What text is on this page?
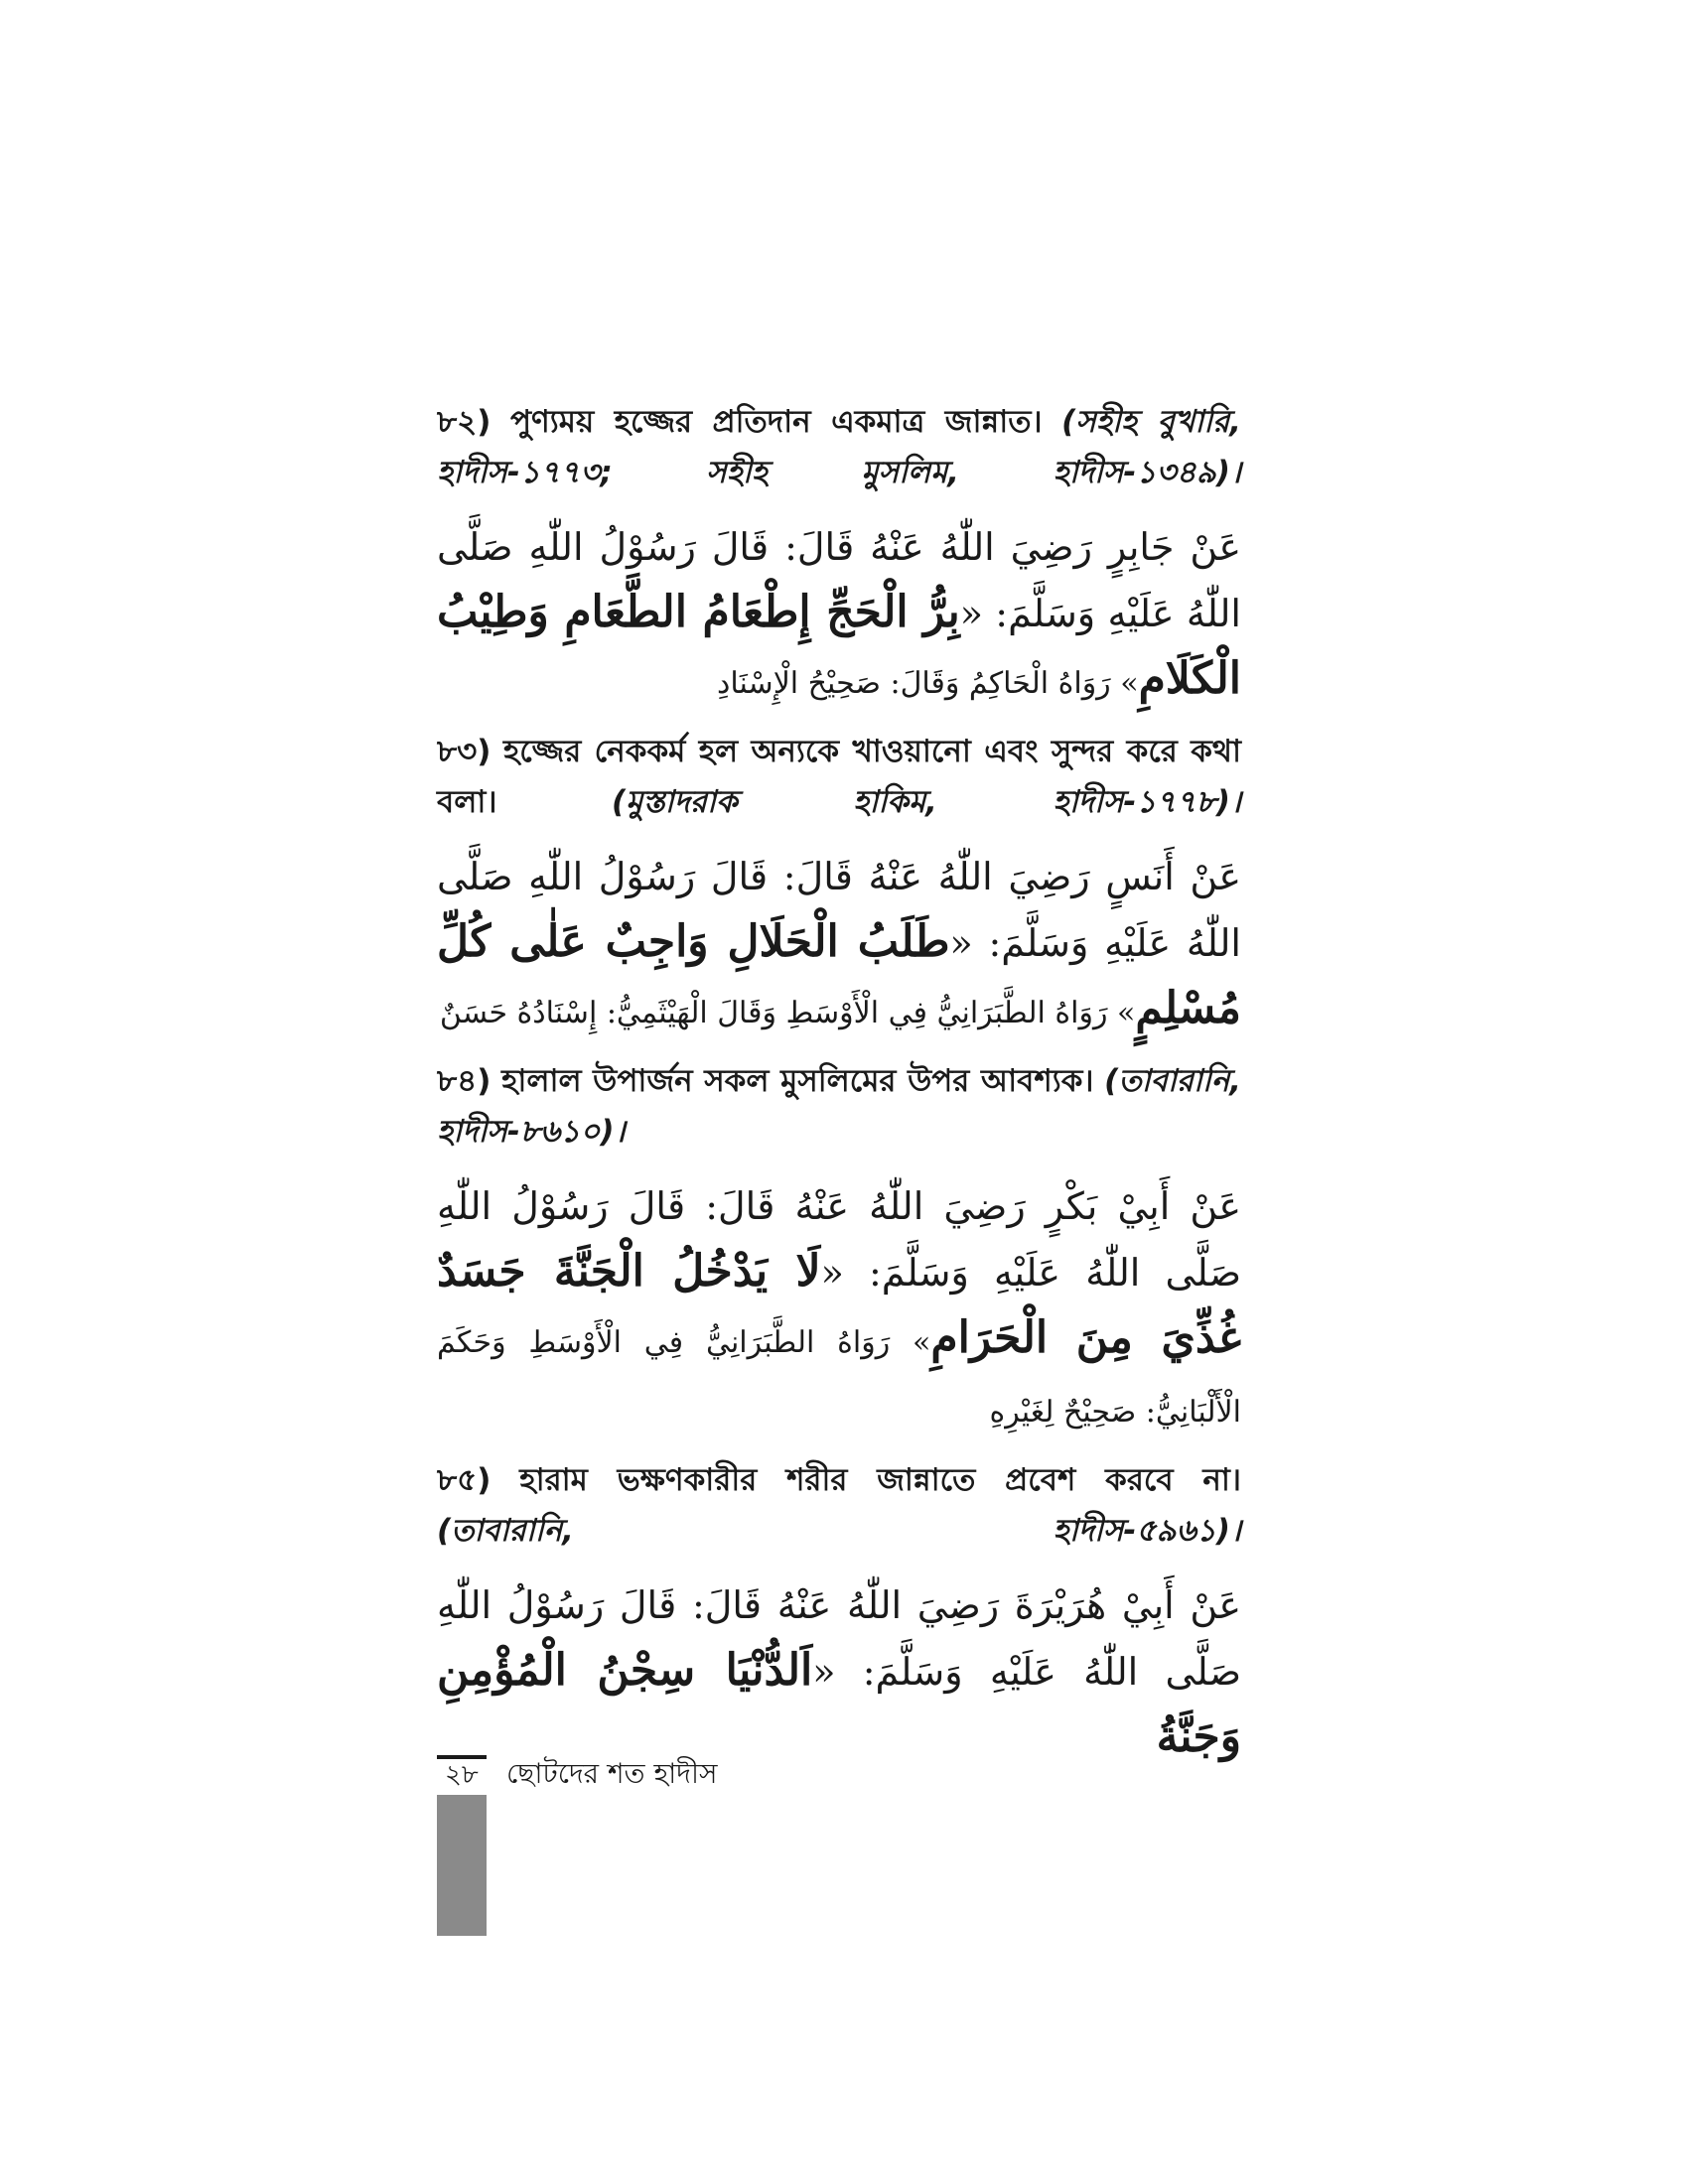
৮২) পুণ্যময় হজ্জের প্রতিদান একমাত্র জান্নাত। (সহীহ বুখারি, হাদীস-১৭৭৩; সহীহ মুসলিম, হাদীস-১৩৪৯)।

عَنْ جَابِرٍ رَضِيَ اللّٰهُ عَنْهُ قَالَ: قَالَ رَسُوْلُ اللّٰهِ صَلَّى اللّٰهُ عَلَيْهِ وَسَلَّمَ: «بِرُّ الْحَجِّ إِطْعَامُ الطَّعَامِ وَطِيْبُ الْكَلَامِ» رَوَاهُ الْحَاكِمُ وَقَالَ: صَحِيْحُ الْإِسْنَادِ

৮৩) হজ্জের নেককর্ম হল অন্যকে খাওয়ানো এবং সুন্দর করে কথা বলা।	(মুস্তাদরাক হাকিম, হাদীস-১৭৭৮)।

عَنْ أَنَسٍ رَضِيَ اللّٰهُ عَنْهُ قَالَ: قَالَ رَسُوْلُ اللّٰهِ صَلَّى اللّٰهُ عَلَيْهِ وَسَلَّمَ: «طَلَبُ الْحَلَالِ وَاجِبٌ عَلٰى كُلِّ مُسْلِمٍ» رَوَاهُ الطَّبَرَانِيُّ فِي الْأَوْسَطِ وَقَالَ الْهَيْثَمِيُّ: إِسْنَادُهُ حَسَنٌ

৮৪) হালাল উপার্জন সকল মুসলিমের উপর আবশ্যক। (তাবারানি, হাদীস-৮৬১০)।

عَنْ أَبِيْ بَكْرٍ رَضِيَ اللّٰهُ عَنْهُ قَالَ: قَالَ رَسُوْلُ اللّٰهِ صَلَّى اللّٰهُ عَلَيْهِ وَسَلَّمَ: «لَا يَدْخُلُ الْجَنَّةَ جَسَدٌ غُذِّيَ مِنَ الْحَرَامِ» رَوَاهُ الطَّبَرَانِيُّ فِي الْأَوْسَطِ وَحَكَمَ الْأَلْبَانِيُّ: صَحِيْحٌ لِغَيْرِهِ

৮৫) হারাম ভক্ষণকারীর শরীর জান্নাতে প্রবেশ করবে না। (তাবারানি, হাদীস-৫৯৬১)।

عَنْ أَبِيْ هُرَيْرَةَ رَضِيَ اللّٰهُ عَنْهُ قَالَ: قَالَ رَسُوْلُ اللّٰهِ صَلَّى اللّٰهُ عَلَيْهِ وَسَلَّمَ: «اَلدُّنْيَا سِجْنُ الْمُؤْمِنِ وَجَنَّةُ

২৮ ছোটদের শত হাদীস
